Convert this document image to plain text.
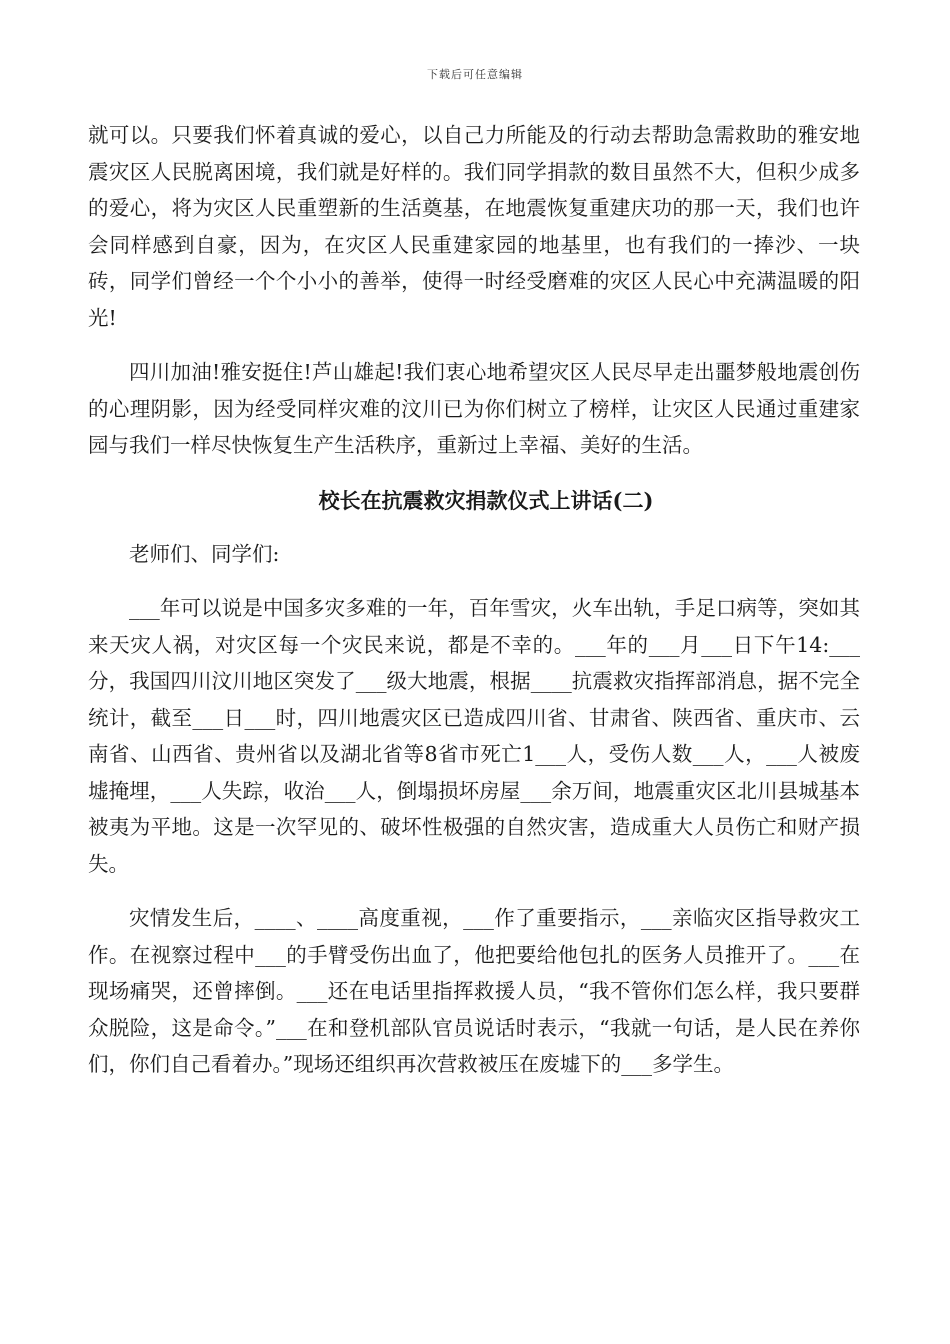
下载后可任意编辑

就可以。只要我们怀着真诚的爱心，以自己力所能及的行动去帮助急需救助的雅安地震灾区人民脱离困境，我们就是好样的。我们同学捐款的数目虽然不大，但积少成多的爱心，将为灾区人民重塑新的生活奠基，在地震恢复重建庆功的那一天，我们也许会同样感到自豪，因为，在灾区人民重建家园的地基里，也有我们的一捧沙、一块砖，同学们曾经一个个小小的善举，使得一时经受磨难的灾区人民心中充满温暖的阳光!

四川加油!雅安挺住!芦山雄起!我们衷心地希望灾区人民尽早走出噩梦般地震创伤的心理阴影，因为经受同样灾难的汶川已为你们树立了榜样，让灾区人民通过重建家园与我们一样尽快恢复生产生活秩序，重新过上幸福、美好的生活。

校长在抗震救灾捐款仪式上讲话(二)

老师们、同学们:

___年可以说是中国多灾多难的一年，百年雪灾，火车出轨，手足口病等，突如其来天灾人祸，对灾区每一个灾民来说，都是不幸的。___年的___月___日下午14:___分，我国四川汶川地区突发了___级大地震，根据____抗震救灾指挥部消息，据不完全统计，截至___日___时，四川地震灾区已造成四川省、甘肃省、陕西省、重庆市、云南省、山西省、贵州省以及湖北省等8省市死亡1___人，受伤人数___人，___人被废墟掩埋，___人失踪，收治___人，倒塌损坏房屋___余万间，地震重灾区北川县城基本被夷为平地。这是一次罕见的、破坏性极强的自然灾害，造成重大人员伤亡和财产损失。

灾情发生后，____、____高度重视，___作了重要指示，___亲临灾区指导救灾工作。在视察过程中___的手臂受伤出血了，他把要给他包扎的医务人员推开了。___在现场痛哭，还曾摔倒。___还在电话里指挥救援人员，“我不管你们怎么样，我只要群众脱险，这是命令。”___在和登机部队官员说话时表示，“我就一句话，是人民在养你们，你们自己看着办。”现场还组织再次营救被压在废墟下的___多学生。
